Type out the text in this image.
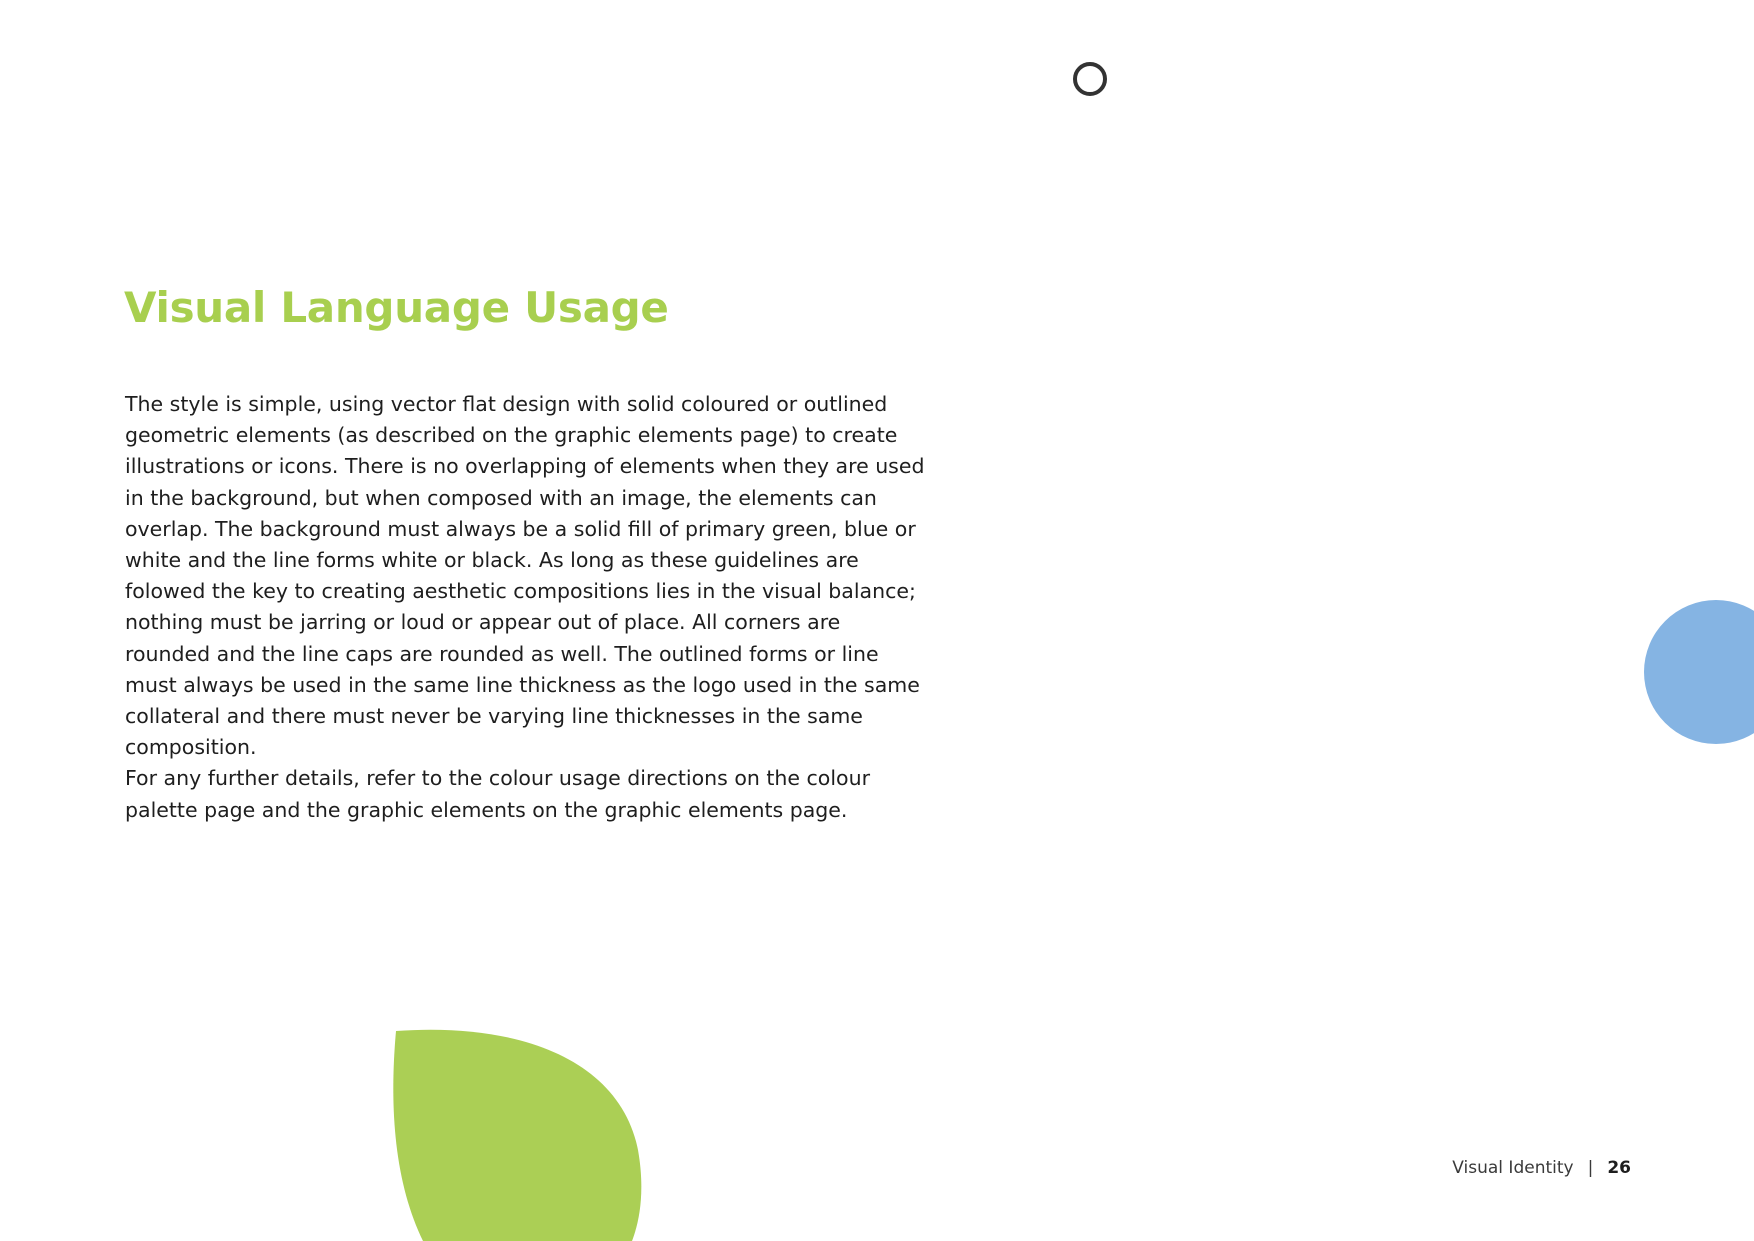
Visual Language Usage

The style is simple, using vector flat design with solid coloured or outlined geometric elements (as described on the graphic elements page) to create illustrations or icons. There is no overlapping of elements when they are used in the background, but when composed with an image, the elements can overlap. The background must always be a solid fill of primary green, blue or white and the line forms white or black. As long as these guidelines are folowed the key to creating aesthetic compositions lies in the visual balance; nothing must be jarring or loud or appear out of place. All corners are rounded and the line caps are rounded as well. The outlined forms or line must always be used in the same line thickness as the logo used in the same collateral and there must never be varying line thicknesses in the same composition.

For any further details, refer to the colour usage directions on the colour palette page and the graphic elements on the graphic elements page.

Visual Identity | 26
